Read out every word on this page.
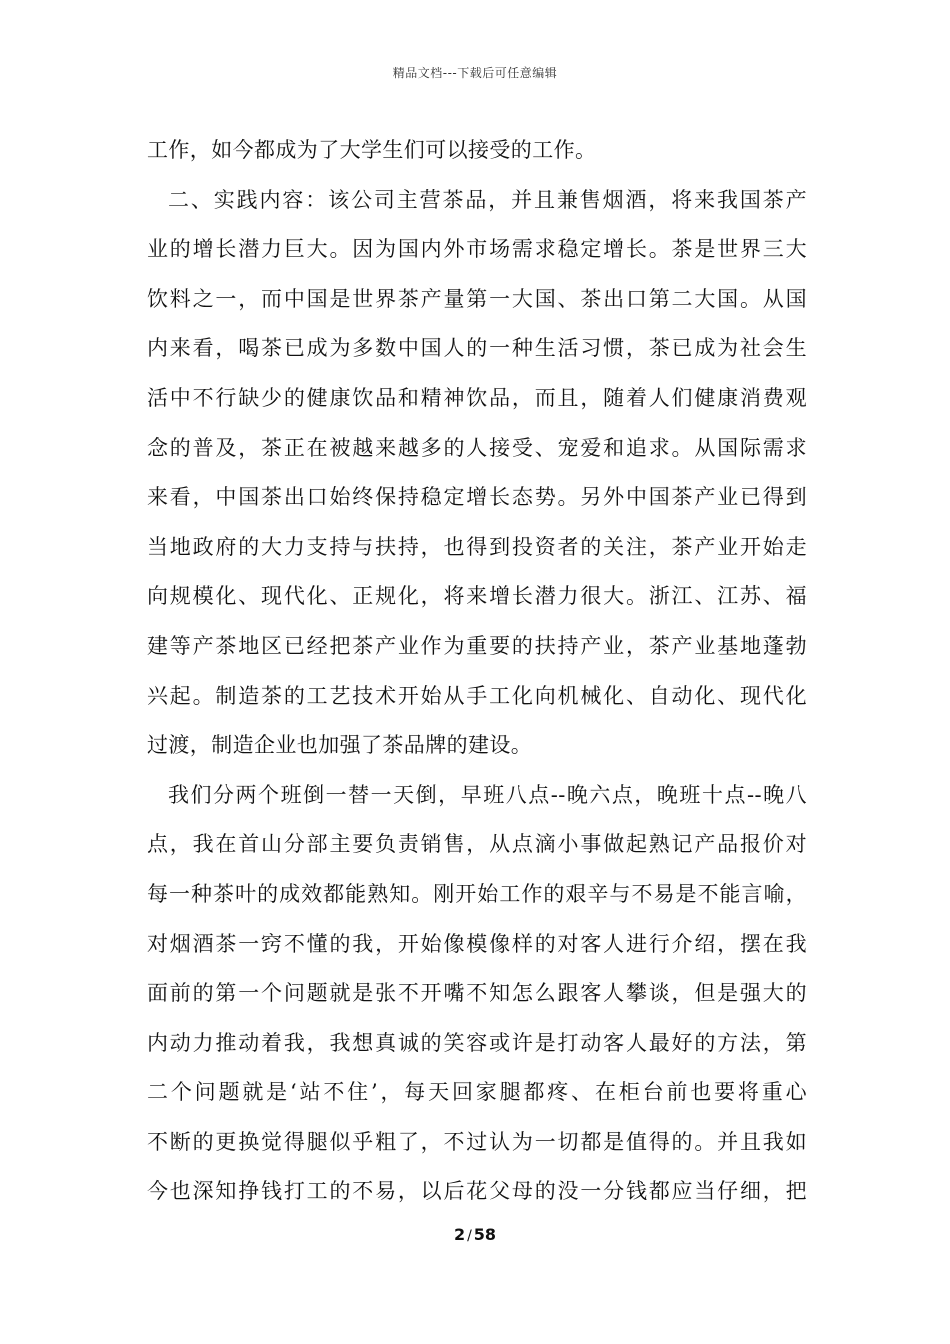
精品文档---下载后可任意编辑
工作，如今都成为了大学生们可以接受的工作。
二、实践内容：该公司主营茶品，并且兼售烟酒，将来我国茶产
业的增长潜力巨大。因为国内外市场需求稳定增长。茶是世界三大
饮料之一，而中国是世界茶产量第一大国、茶出口第二大国。从国
内来看，喝茶已成为多数中国人的一种生活习惯，茶已成为社会生
活中不行缺少的健康饮品和精神饮品，而且，随着人们健康消费观
念的普及，茶正在被越来越多的人接受、宠爱和追求。从国际需求
来看，中国茶出口始终保持稳定增长态势。另外中国茶产业已得到
当地政府的大力支持与扶持，也得到投资者的关注，茶产业开始走
向规模化、现代化、正规化，将来增长潜力很大。浙江、江苏、福
建等产茶地区已经把茶产业作为重要的扶持产业，茶产业基地蓬勃
兴起。制造茶的工艺技术开始从手工化向机械化、自动化、现代化
过渡，制造企业也加强了茶品牌的建设。
我们分两个班倒一替一天倒，早班八点--晚六点，晚班十点--晚八
点，我在首山分部主要负责销售，从点滴小事做起熟记产品报价对
每一种茶叶的成效都能熟知。刚开始工作的艰辛与不易是不能言喻，
对烟酒茶一窍不懂的我，开始像模像样的对客人进行介绍，摆在我
面前的第一个问题就是张不开嘴不知怎么跟客人攀谈，但是强大的
内动力推动着我，我想真诚的笑容或许是打动客人最好的方法，第
二个问题就是‘站不住’，每天回家腿都疼、在柜台前也要将重心
不断的更换觉得腿似乎粗了，不过认为一切都是值得的。并且我如
今也深知挣钱打工的不易，以后花父母的没一分钱都应当仔细，把
2 / 58
